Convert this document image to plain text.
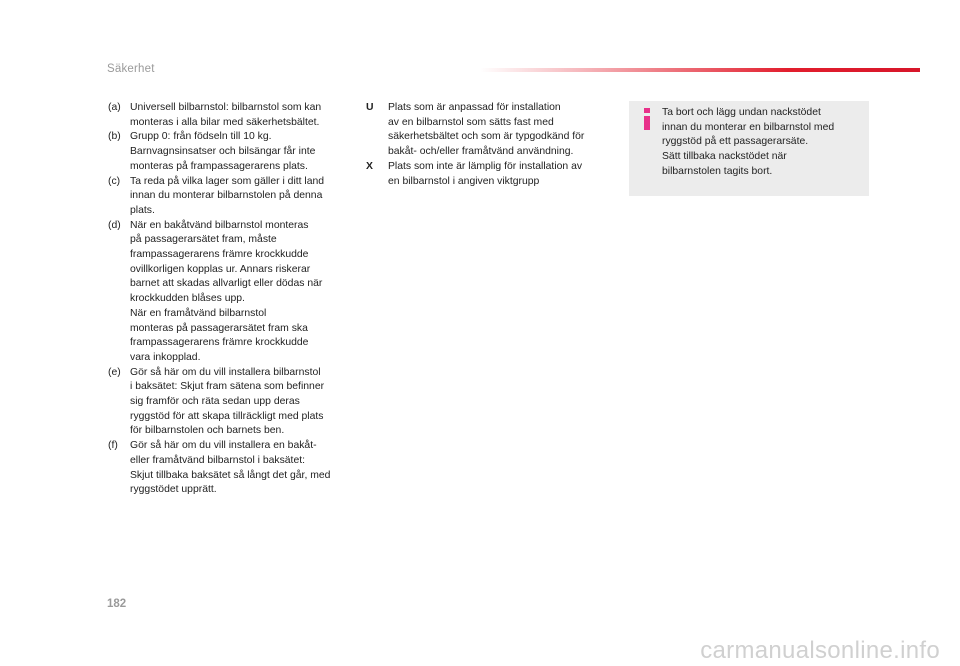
Säkerhet
(a) Universell bilbarnstol: bilbarnstol som kan
monteras i alla bilar med säkerhetsbältet.
(b) Grupp 0: från födseln till 10 kg.
Barnvagnsinsatser och bilsängar får inte
monteras på frampassagerarens plats.
(c) Ta reda på vilka lager som gäller i ditt land
innan du monterar bilbarnstolen på denna
plats.
(d) När en bakåtvänd bilbarnstol monteras
på passagerarsätet fram, måste
frampassagerarens främre krockkudde
ovillkorligen kopplas ur. Annars riskerar
barnet att skadas allvarligt eller dödas när
krockkudden blåses upp.
När en framåtvänd bilbarnstol
monteras på passagerarsätet fram ska
frampassagerarens främre krockkudde
vara inkopplad.
(e) Gör så här om du vill installera bilbarnstol
i baksätet: Skjut fram sätena som befinner
sig framför och räta sedan upp deras
ryggstöd för att skapa tillräckligt med plats
för bilbarnstolen och barnets ben.
(f)	Gör så här om du vill installera en bakåt-
eller framåtvänd bilbarnstol i baksätet:
Skjut tillbaka baksätet så långt det går, med
ryggstödet upprätt.
U	Plats som är anpassad för installation
av en bilbarnstol som sätts fast med
säkerhetsbältet och som är typgodkänd för
bakåt- och/eller framåtvänd användning.
X	Plats som inte är lämplig för installation av
en bilbarnstol i angiven viktgrupp
Ta bort och lägg undan nackstödet
innan du monterar en bilbarnstol med
ryggstöd på ett passagerarsäte.
Sätt tillbaka nackstödet när
bilbarnstolen tagits bort.
182
carmanualsonline.info
